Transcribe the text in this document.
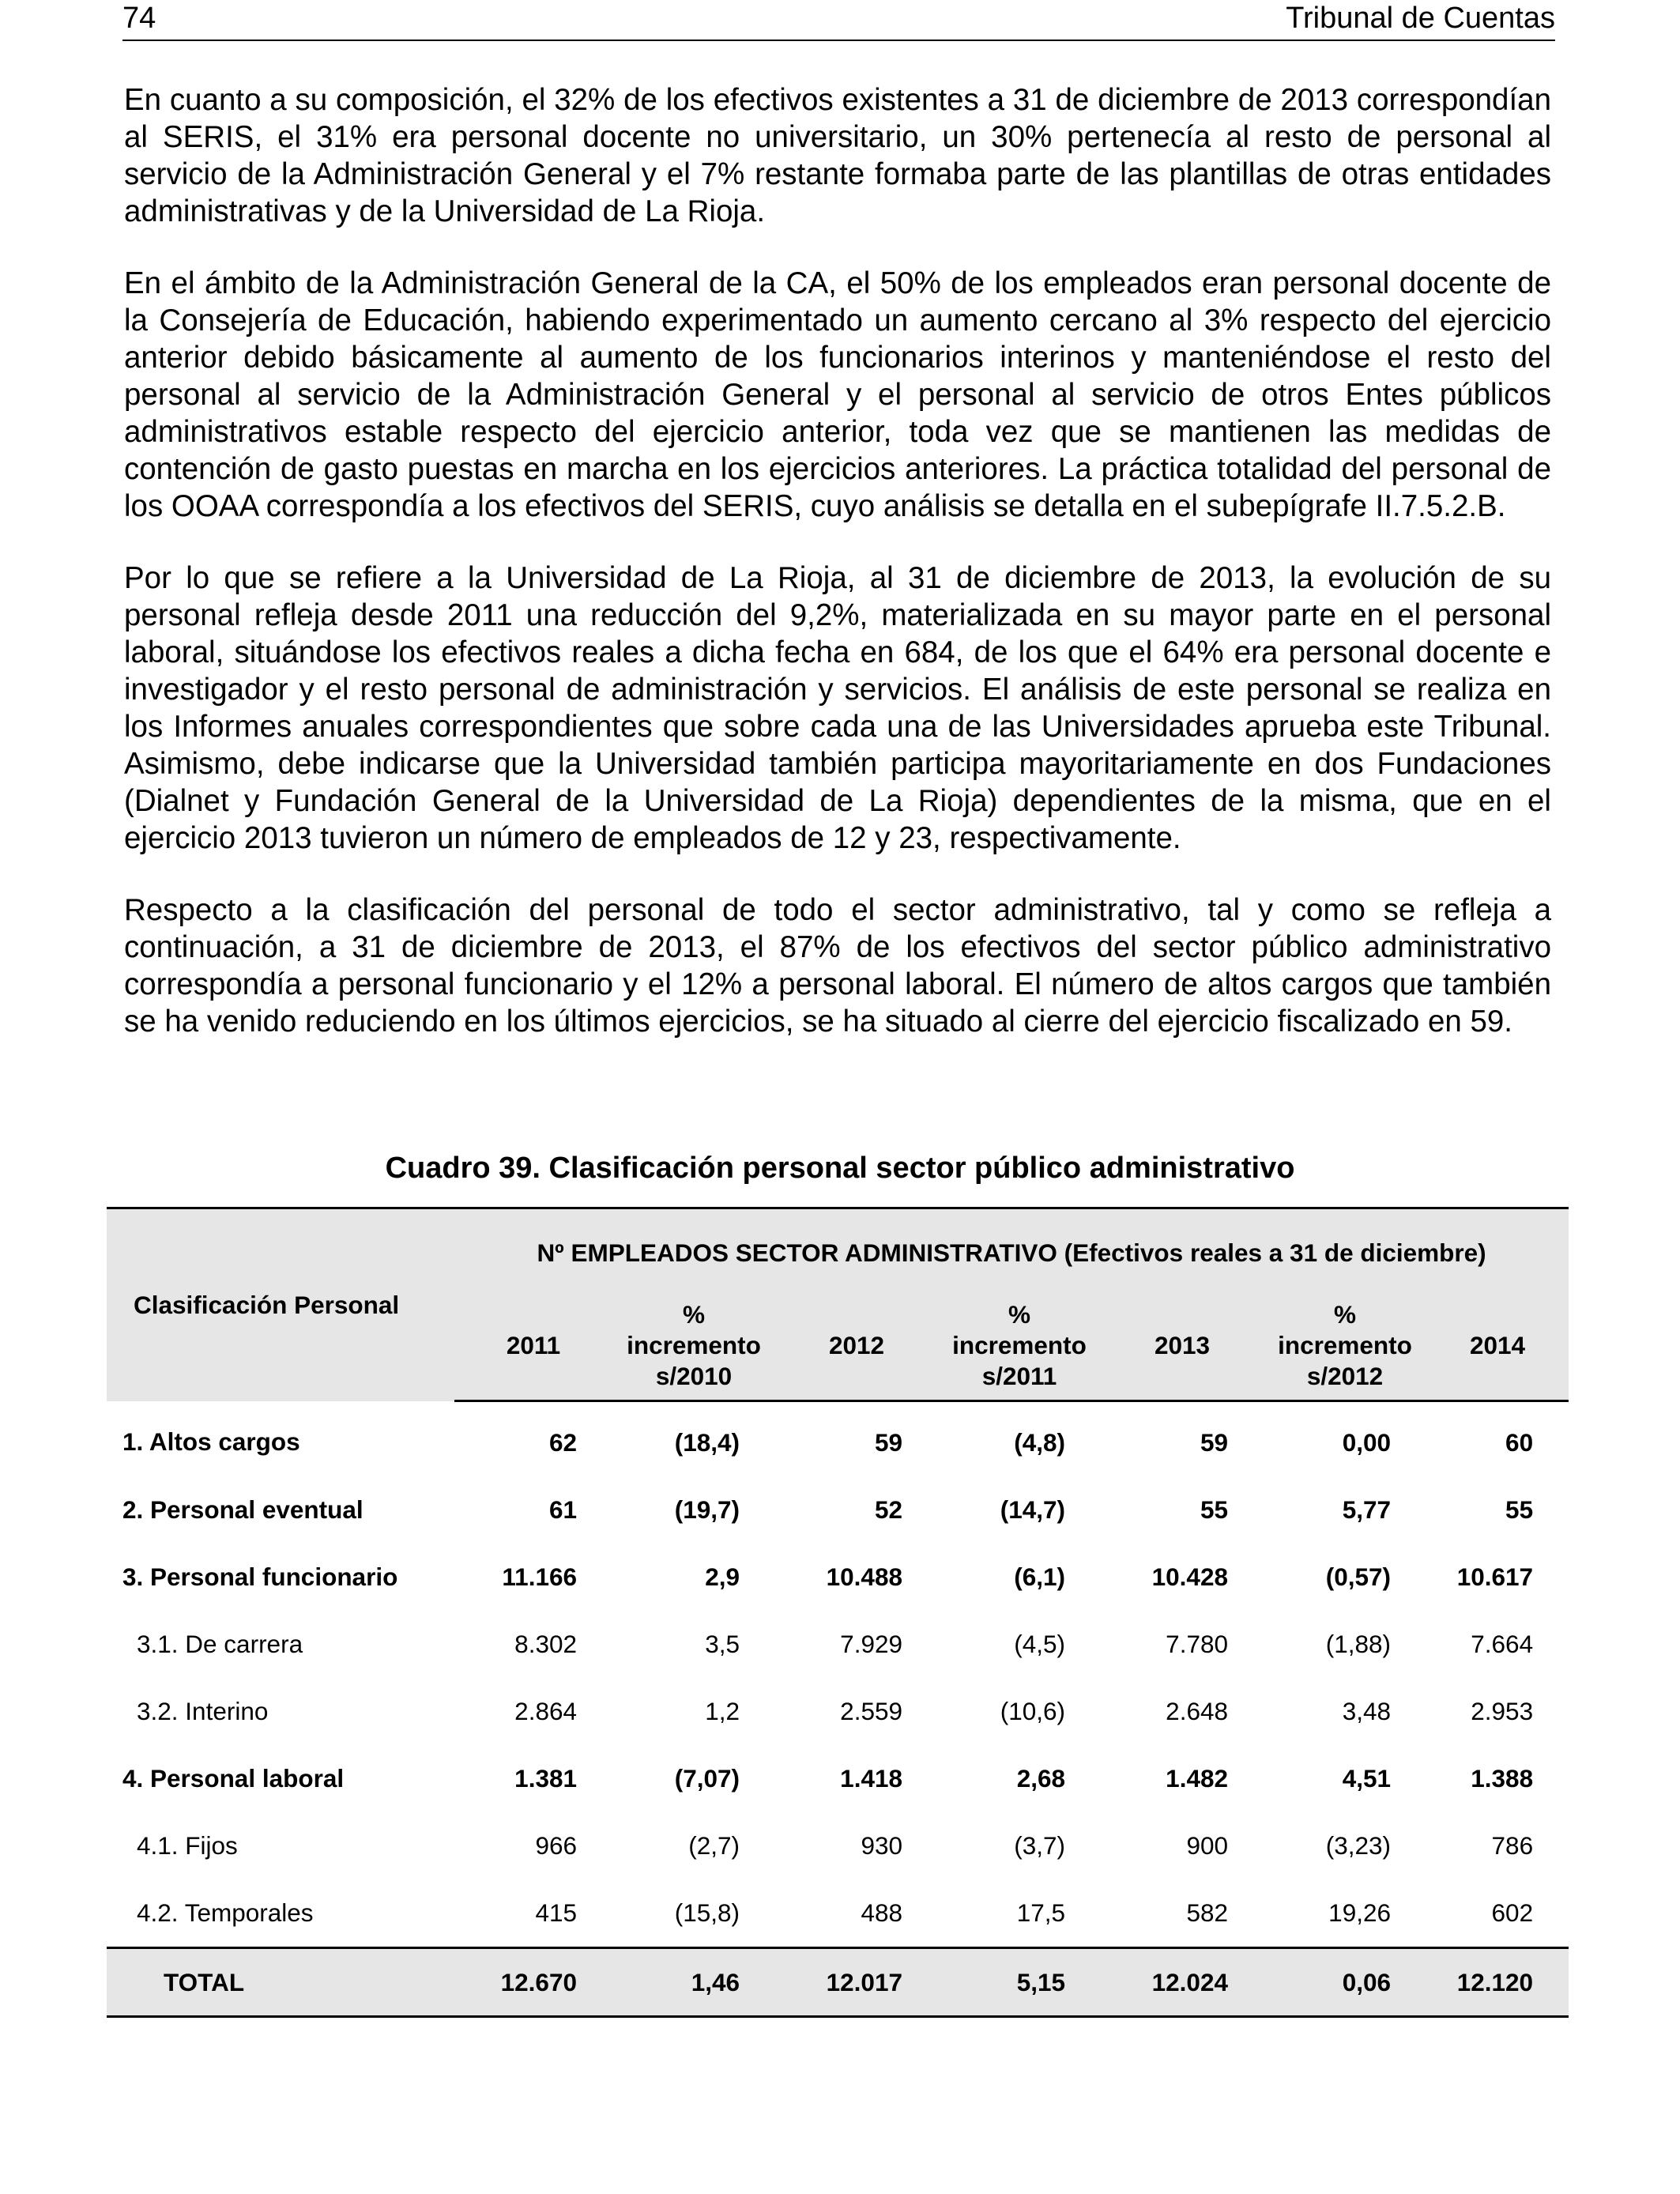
74	Tribunal de Cuentas

En cuanto a su composición, el 32% de los efectivos existentes a 31 de diciembre de 2013 correspondían al SERIS, el 31% era personal docente no universitario, un 30% pertenecía al resto de personal al servicio de la Administración General y el 7% restante formaba parte de las plantillas de otras entidades administrativas y de la Universidad de La Rioja.

En el ámbito de la Administración General de la CA, el 50% de los empleados eran personal docente de la Consejería de Educación, habiendo experimentado un aumento cercano al 3% respecto del ejercicio anterior debido básicamente al aumento de los funcionarios interinos y manteniéndose el resto del personal al servicio de la Administración General y el personal al servicio de otros Entes públicos administrativos estable respecto del ejercicio anterior, toda vez que se mantienen las medidas de contención de gasto puestas en marcha en los ejercicios anteriores. La práctica totalidad del personal de los OOAA correspondía a los efectivos del SERIS, cuyo análisis se detalla en el subepígrafe II.7.5.2.B.

Por lo que se refiere a la Universidad de La Rioja, al 31 de diciembre de 2013, la evolución de su personal refleja desde 2011 una reducción del 9,2%, materializada en su mayor parte en el personal laboral, situándose los efectivos reales a dicha fecha en 684, de los que el 64% era personal docente e investigador y el resto personal de administración y servicios. El análisis de este personal se realiza en los Informes anuales correspondientes que sobre cada una de las Universidades aprueba este Tribunal. Asimismo, debe indicarse que la Universidad también participa mayoritariamente en dos Fundaciones (Dialnet y Fundación General de la Universidad de La Rioja) dependientes de la misma, que en el ejercicio 2013 tuvieron un número de empleados de 12 y 23, respectivamente.

Respecto a la clasificación del personal de todo el sector administrativo, tal y como se refleja a continuación, a 31 de diciembre de 2013, el 87% de los efectivos del sector público administrativo correspondía a personal funcionario y el 12% a personal laboral. El número de altos cargos que también se ha venido reduciendo en los últimos ejercicios, se ha situado al cierre del ejercicio fiscalizado en 59.

Cuadro 39. Clasificación personal sector público administrativo
Clasificación Personal	Nº EMPLEADOS SECTOR ADMINISTRATIVO (Efectivos reales a 31 de diciembre)						
	2011	% incremento s/2010	2012	% incremento s/2011	2013	% incremento s/2012	2014
1. Altos cargos	62	(18,4)	59	(4,8)	59	0,00	60
2. Personal eventual	61	(19,7)	52	(14,7)	55	5,77	55
3. Personal funcionario	11.166	2,9	10.488	(6,1)	10.428	(0,57)	10.617
3.1. De carrera	8.302	3,5	7.929	(4,5)	7.780	(1,88)	7.664
3.2. Interino	2.864	1,2	2.559	(10,6)	2.648	3,48	2.953
4. Personal laboral	1.381	(7,07)	1.418	2,68	1.482	4,51	1.388
4.1. Fijos	966	(2,7)	930	(3,7)	900	(3,23)	786
4.2. Temporales	415	(15,8)	488	17,5	582	19,26	602
TOTAL	12.670	1,46	12.017	5,15	12.024	0,06	12.120
